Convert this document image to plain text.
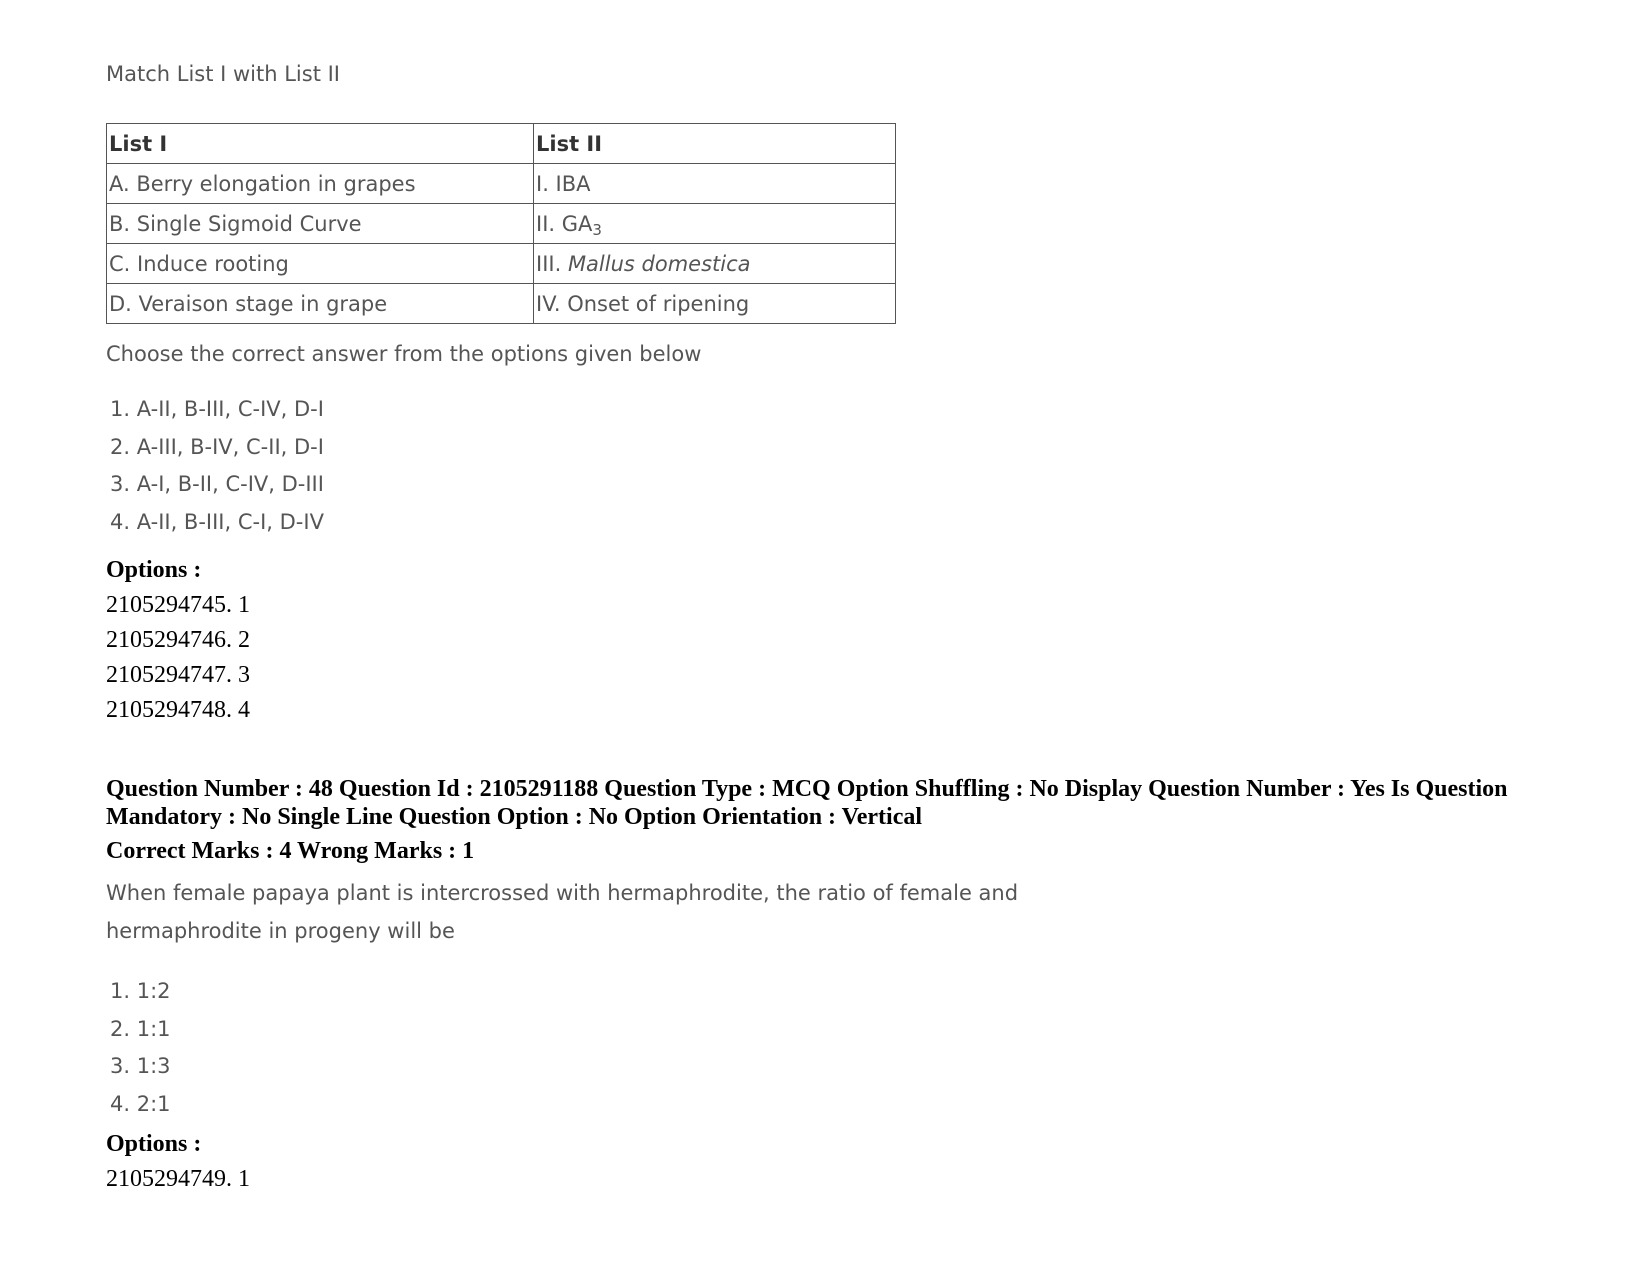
Match List I with List II
List I	List II
A. Berry elongation in grapes	I. IBA
B. Single Sigmoid Curve	II. $GA_3$
C. Induce rooting	III. Mallus domestica
D. Veraison stage in grape	IV. Onset of ripening
Choose the correct answer from the options given below
1. A-II, B-III, C-IV, D-I
2. A-III, B-IV, C-II, D-I
3. A-I, B-II, C-IV, D-III
4. A-II, B-III, C-I, D-IV
Options :
2105294745. 1
2105294746. 2
2105294747. 3
2105294748. 4
Question Number : 48 Question Id : 2105291188 Question Type : MCQ Option Shuffling : No Display Question Number : Yes Is Question Mandatory : No Single Line Question Option : No Option Orientation : Vertical
Correct Marks : 4 Wrong Marks : 1
When female papaya plant is intercrossed with hermaphrodite, the ratio of female and hermaphrodite in progeny will be
1. 1:2
2. 1:1
3. 1:3
4. 2:1
Options :
2105294749. 1
